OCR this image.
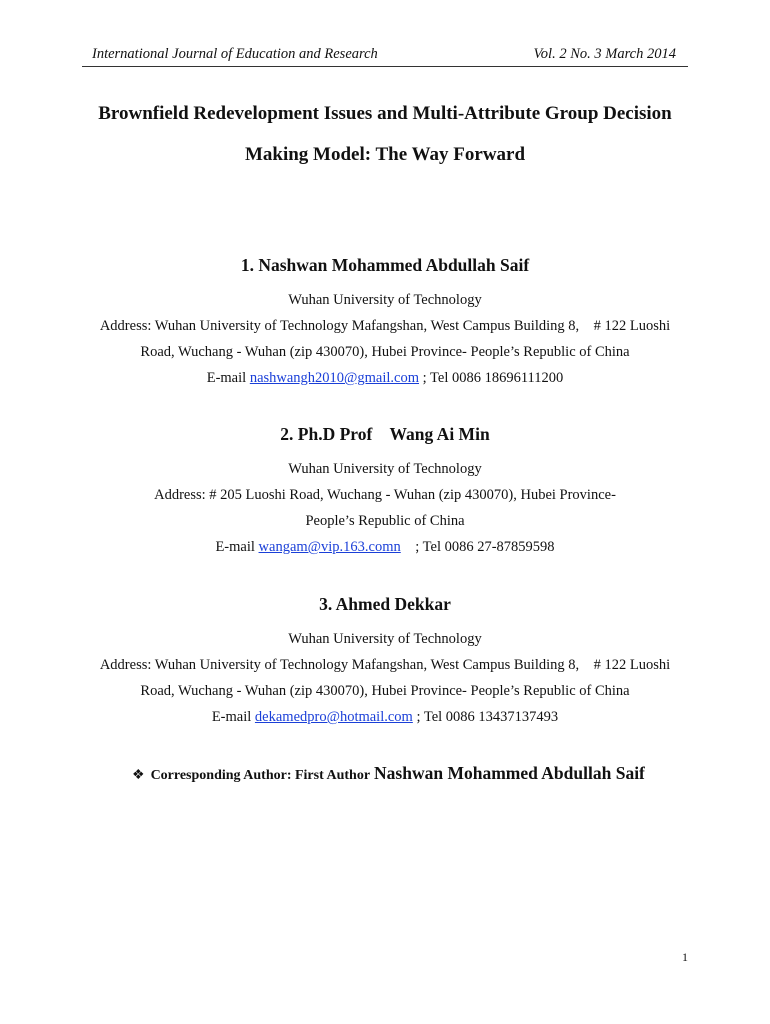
International Journal of Education and Research	Vol. 2 No. 3 March 2014
Brownfield Redevelopment Issues and Multi-Attribute Group Decision
Making Model: The Way Forward
1. Nashwan Mohammed Abdullah Saif
Wuhan University of Technology
Address: Wuhan University of Technology Mafangshan, West Campus Building 8,    # 122 Luoshi
Road, Wuchang - Wuhan (zip 430070), Hubei Province- People’s Republic of China
E-mail nashwangh2010@gmail.com ; Tel 0086 18696111200
2. Ph.D Prof    Wang Ai Min
Wuhan University of Technology
Address: # 205 Luoshi Road, Wuchang - Wuhan (zip 430070), Hubei Province-
People’s Republic of China
E-mail wangam@vip.163.comn    ; Tel 0086 27-87859598
3. Ahmed Dekkar
Wuhan University of Technology
Address: Wuhan University of Technology Mafangshan, West Campus Building 8,    # 122 Luoshi
Road, Wuchang - Wuhan (zip 430070), Hubei Province- People’s Republic of China
E-mail dekamedpro@hotmail.com ; Tel 0086 13437137493
❖ Corresponding Author: First Author Nashwan Mohammed Abdullah Saif
1
